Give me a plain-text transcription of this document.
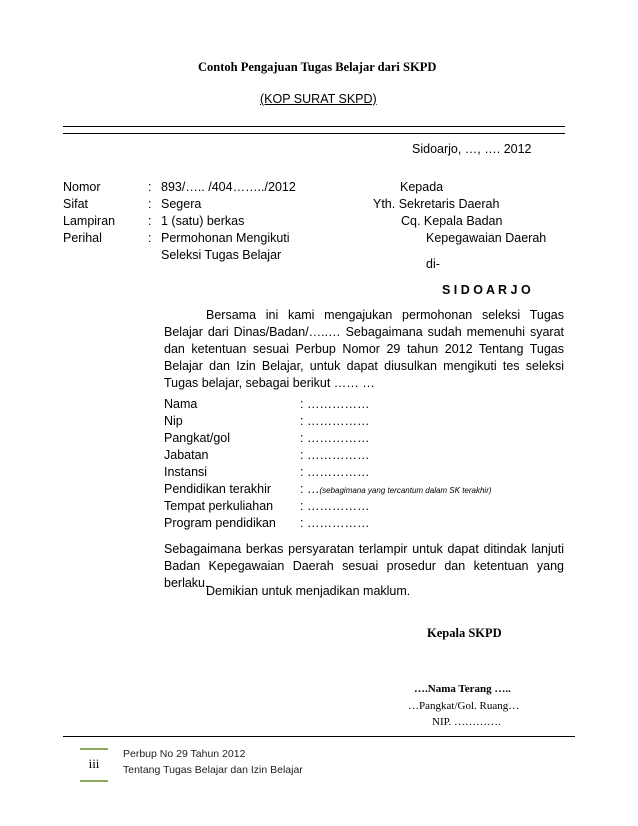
Contoh Pengajuan Tugas Belajar dari SKPD
(KOP SURAT SKPD)
Sidoarjo, …, …. 2012
Nomor	: 893/….. /404……../2012
Sifat	: Segera
Lampiran	: 1 (satu) berkas
Perihal	: Permohonan Mengikuti
Seleksi Tugas Belajar
Kepada
Yth. Sekretaris Daerah
Cq. Kepala Badan
Kepegawaian Daerah
di-
S I D O A R J O
Bersama ini kami mengajukan permohonan seleksi Tugas Belajar dari Dinas/Badan/…..… Sebagaimana sudah memenuhi syarat dan ketentuan sesuai Perbup Nomor 29 tahun 2012 Tentang Tugas Belajar dan Izin Belajar, untuk dapat diusulkan mengikuti tes seleksi Tugas belajar, sebagai berikut …… …
Nama	: ……………
Nip	: ……………
Pangkat/gol	: ……………
Jabatan	: ……………
Instansi	: ……………
Pendidikan terakhir : …(sebagimana yang tercantum dalam SK terakhir)
Tempat perkuliahan : ……………
Program pendidikan : ……………
Sebagaimana berkas persyaratan terlampir untuk dapat ditindak lanjuti Badan Kepegawaian Daerah sesuai prosedur dan ketentuan yang berlaku.
Demikian untuk menjadikan maklum.
Kepala SKPD
….Nama Terang …..
…Pangkat/Gol. Ruang…
NIP. ………….
iii
Perbup No 29 Tahun 2012
Tentang Tugas Belajar dan Izin Belajar
